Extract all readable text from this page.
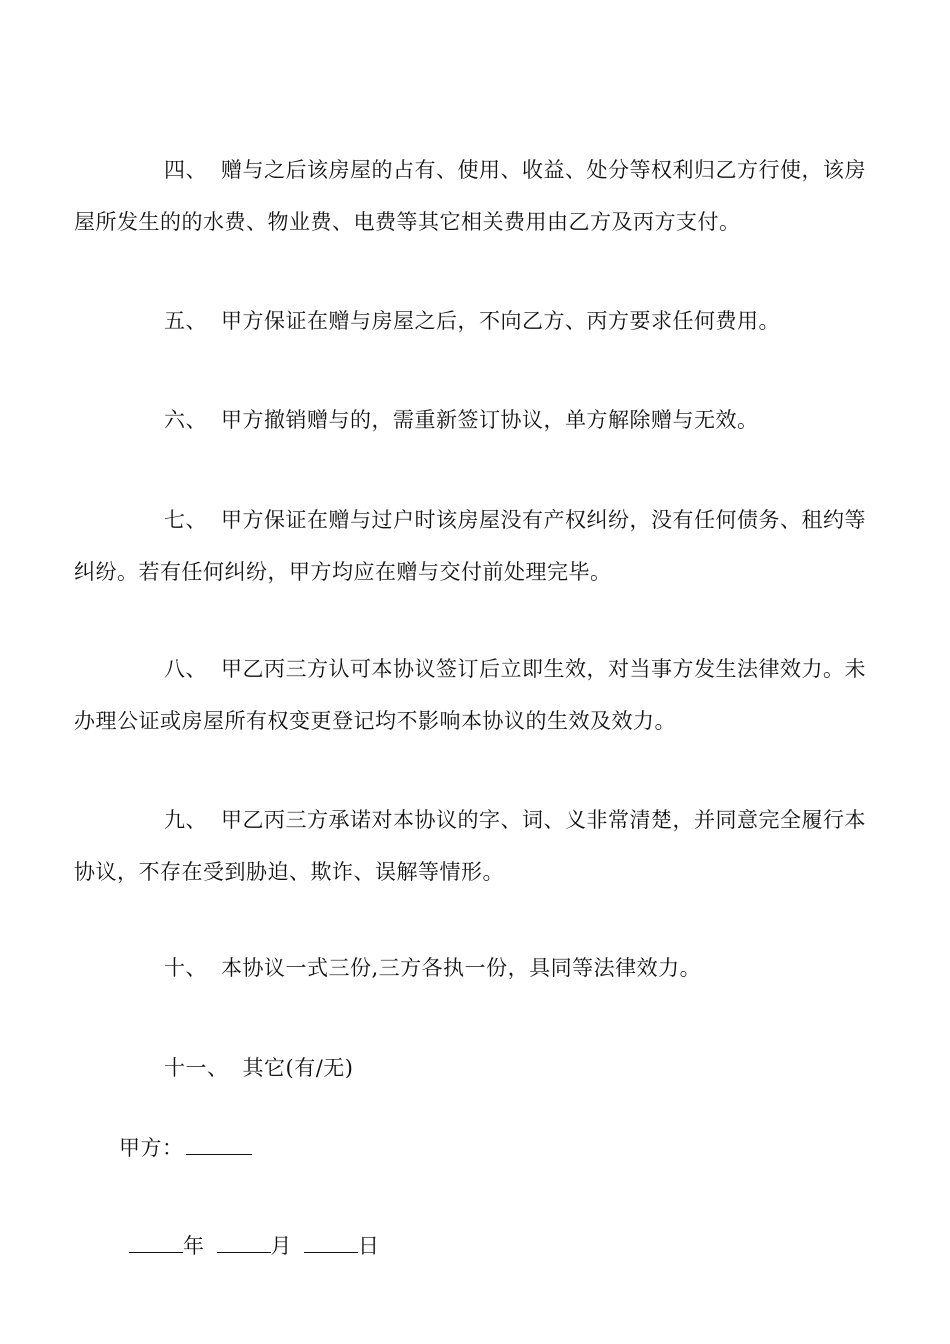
四、 赠与之后该房屋的占有、使用、收益、处分等权利归乙方行使，该房屋所发生的的水费、物业费、电费等其它相关费用由乙方及丙方支付。

五、 甲方保证在赠与房屋之后，不向乙方、丙方要求任何费用。

六、 甲方撤销赠与的，需重新签订协议，单方解除赠与无效。

七、 甲方保证在赠与过户时该房屋没有产权纠纷，没有任何债务、租约等纠纷。若有任何纠纷，甲方均应在赠与交付前处理完毕。

八、 甲乙丙三方认可本协议签订后立即生效，对当事方发生法律效力。未办理公证或房屋所有权变更登记均不影响本协议的生效及效力。

九、 甲乙丙三方承诺对本协议的字、词、义非常清楚，并同意完全履行本协议，不存在受到胁迫、欺诈、误解等情形。

十、 本协议一式三份,三方各执一份，具同等法律效力。

十一、 其它(有/无)

甲方：
年	月	日
